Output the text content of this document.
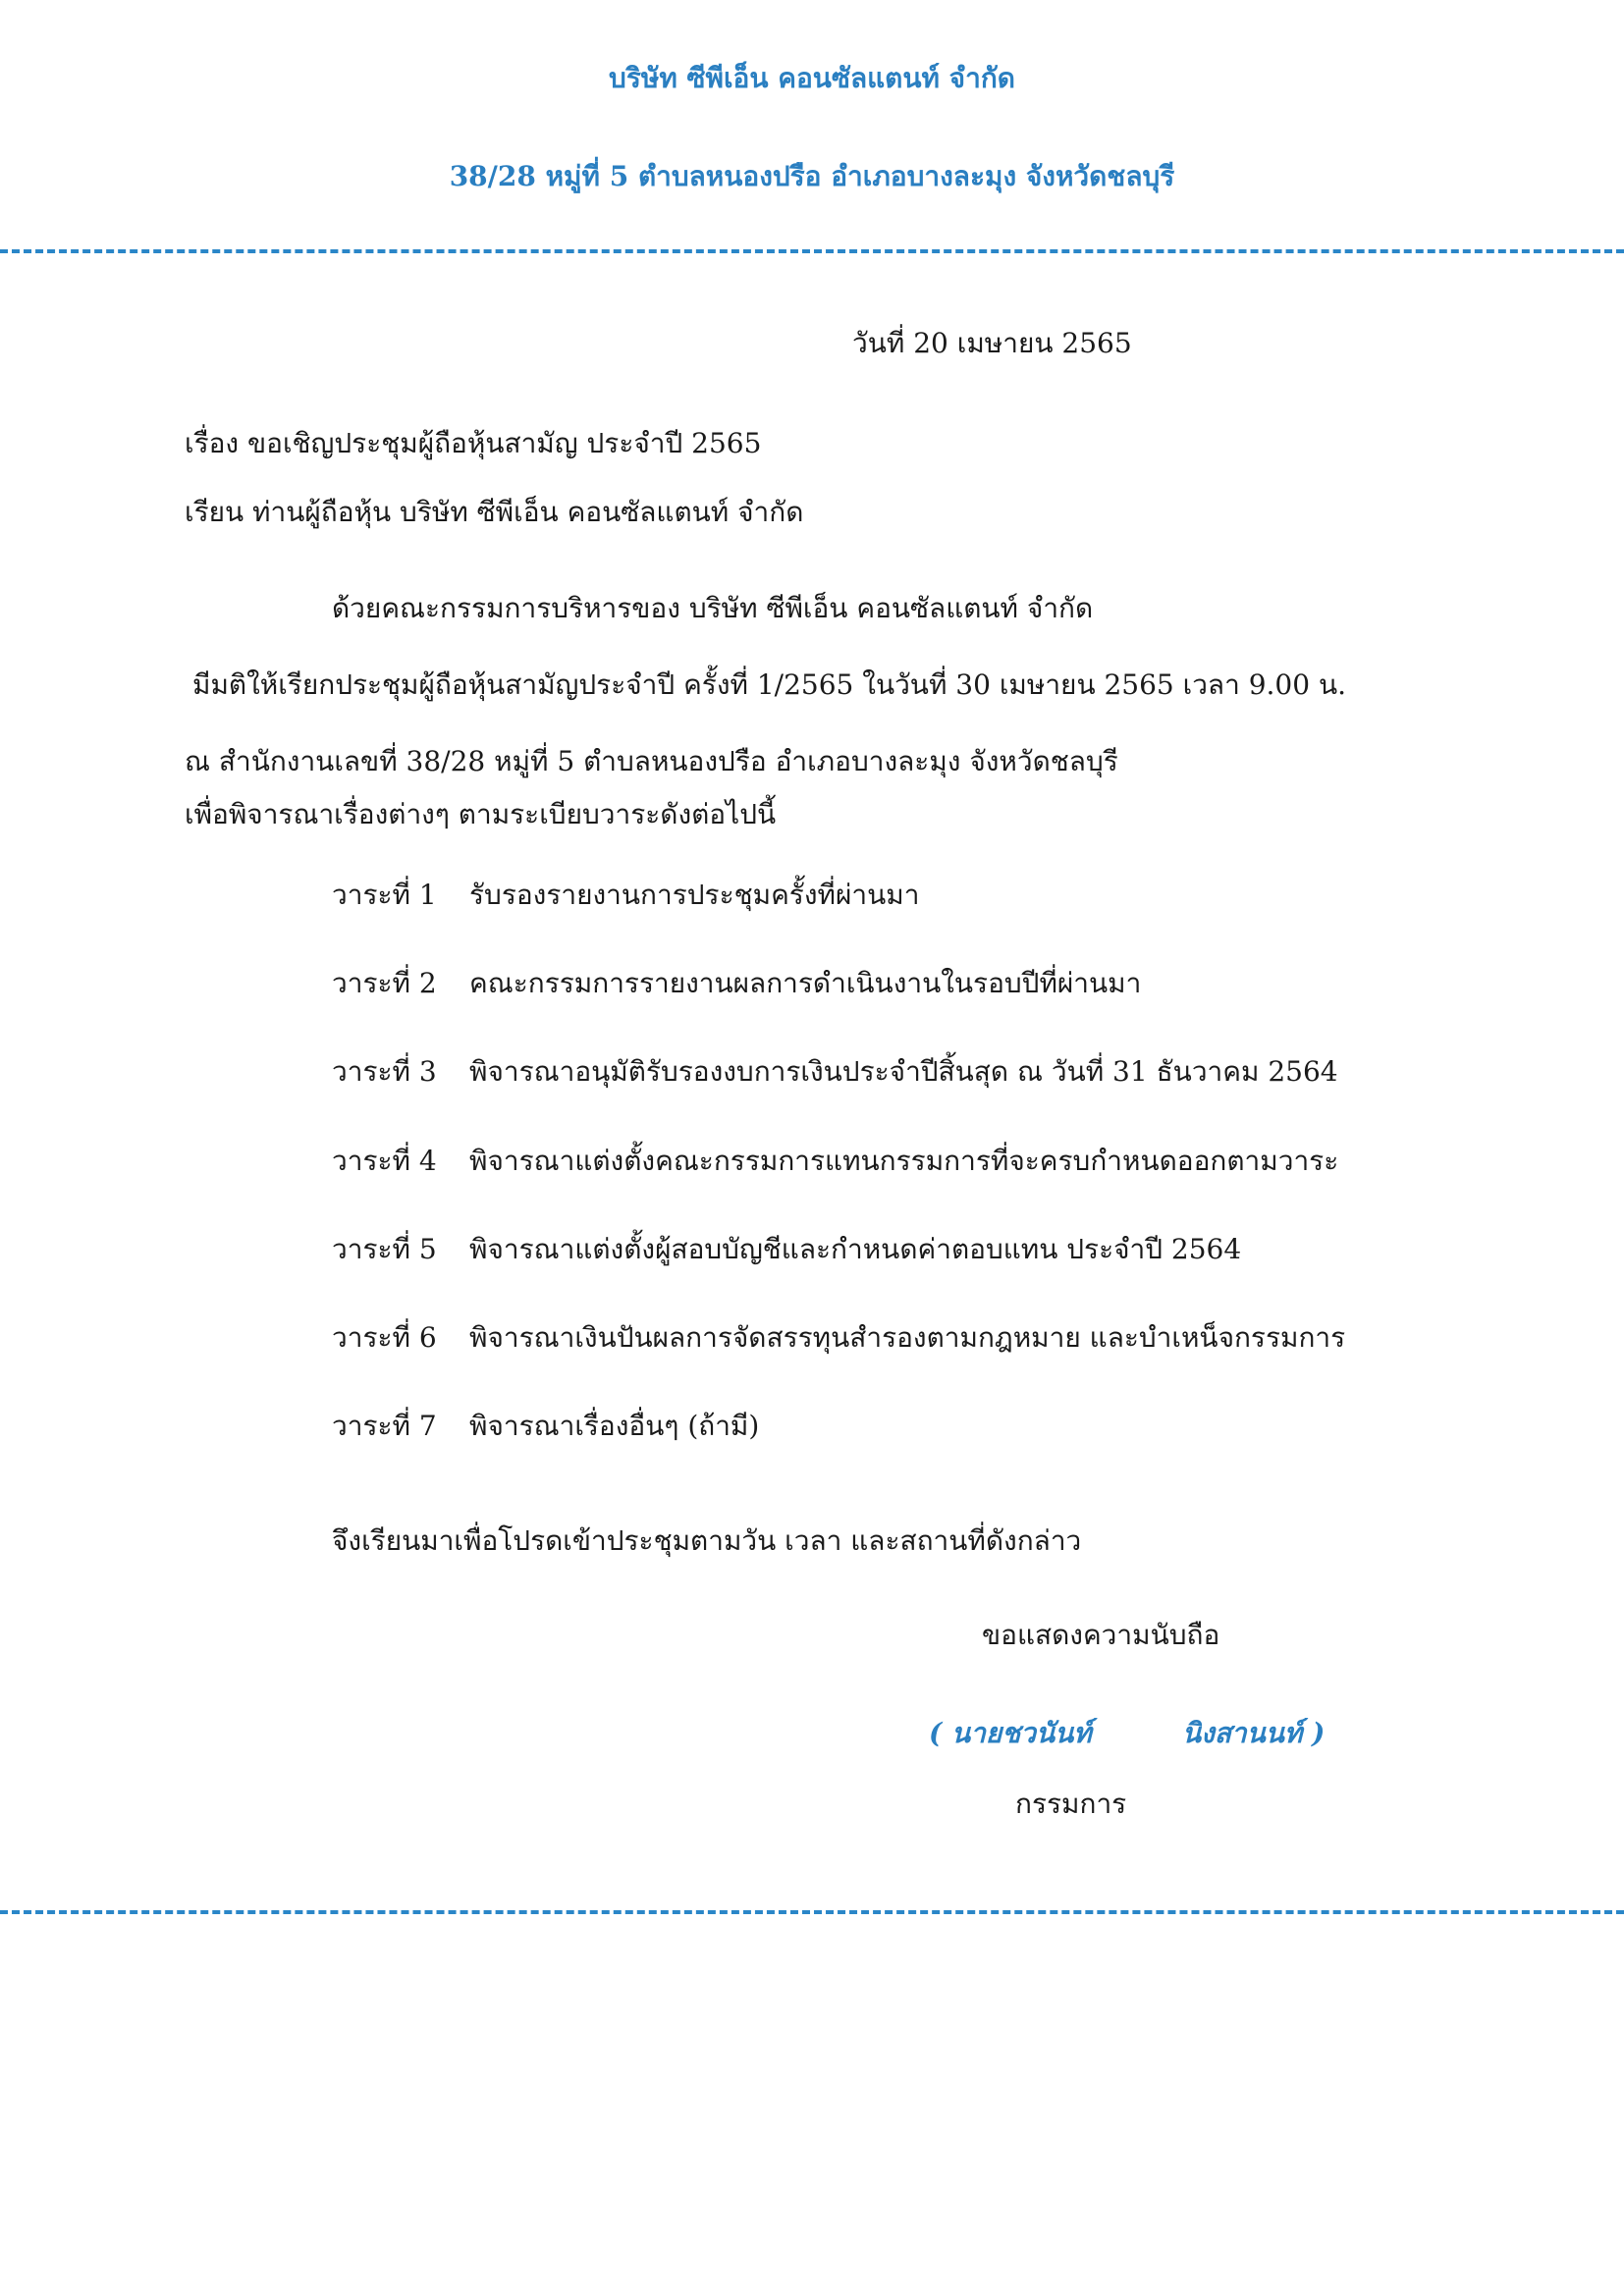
บริษัท ซีพีเอ็น คอนซัลแตนท์ จำกัด
38/28 หมู่ที่ 5 ตำบลหนองปรือ อำเภอบางละมุง จังหวัดชลบุรี
วันที่ 20 เมษายน 2565
เรื่อง ขอเชิญประชุมผู้ถือหุ้นสามัญ ประจำปี 2565
เรียน ท่านผู้ถือหุ้น บริษัท ซีพีเอ็น คอนซัลแตนท์ จำกัด
ด้วยคณะกรรมการบริหารของ บริษัท ซีพีเอ็น คอนซัลแตนท์ จำกัด
มีมติให้เรียกประชุมผู้ถือหุ้นสามัญประจำปี ครั้งที่ 1/2565 ในวันที่ 30 เมษายน 2565 เวลา 9.00 น.
ณ สำนักงานเลขที่ 38/28 หมู่ที่ 5 ตำบลหนองปรือ อำเภอบางละมุง จังหวัดชลบุรี
เพื่อพิจารณาเรื่องต่างๆ ตามระเบียบวาระดังต่อไปนี้
วาระที่ 1 รับรองรายงานการประชุมครั้งที่ผ่านมา
วาระที่ 2 คณะกรรมการรายงานผลการดำเนินงานในรอบปีที่ผ่านมา
วาระที่ 3 พิจารณาอนุมัติรับรองงบการเงินประจำปีสิ้นสุด ณ วันที่ 31 ธันวาคม 2564
วาระที่ 4 พิจารณาแต่งตั้งคณะกรรมการแทนกรรมการที่จะครบกำหนดออกตามวาระ
วาระที่ 5 พิจารณาแต่งตั้งผู้สอบบัญชีและกำหนดค่าตอบแทน ประจำปี 2564
วาระที่ 6 พิจารณาเงินปันผลการจัดสรรทุนสำรองตามกฎหมาย และบำเหน็จกรรมการ
วาระที่ 7 พิจารณาเรื่องอื่นๆ (ถ้ามี)
จึงเรียนมาเพื่อโปรดเข้าประชุมตามวัน เวลา และสถานที่ดังกล่าว
ขอแสดงความนับถือ
( นายชวนันท์	นิงสานนท์ )
กรรมการ
